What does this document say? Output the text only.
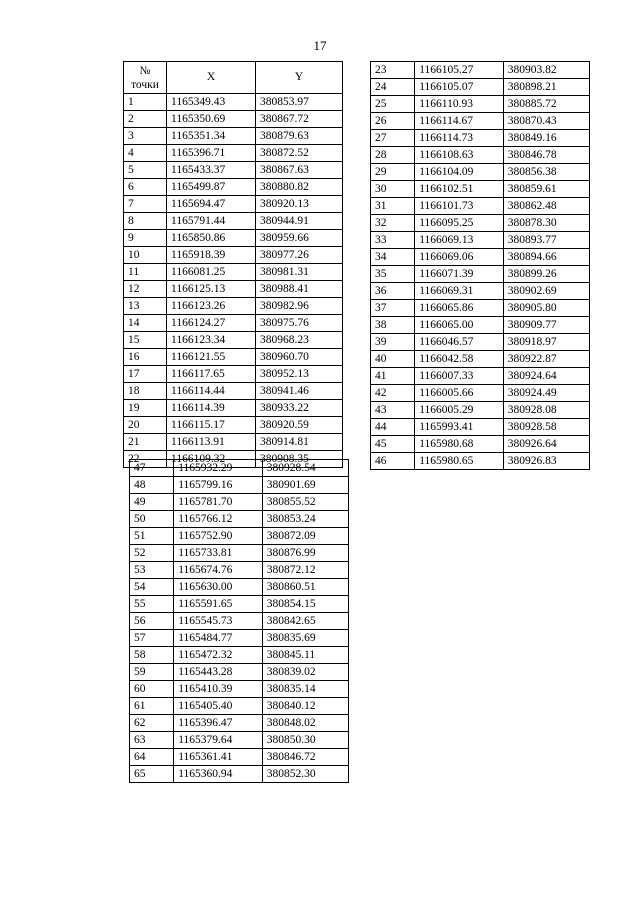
17
№
точки	X	Y
1	1165349.43	380853.97
2	1165350.69	380867.72
3	1165351.34	380879.63
4	1165396.71	380872.52
5	1165433.37	380867.63
6	1165499.87	380880.82
7	1165694.47	380920.13
8	1165791.44	380944.91
9	1165850.86	380959.66
10	1165918.39	380977.26
11	1166081.25	380981.31
12	1166125.13	380988.41
13	1166123.26	380982.96
14	1166124.27	380975.76
15	1166123.34	380968.23
16	1166121.55	380960.70
17	1166117.65	380952.13
18	1166114.44	380941.46
19	1166114.39	380933.22
20	1166115.17	380920.59
21	1166113.91	380914.81
22	1166109.32	380908.35
23	1166105.27	380903.82
24	1166105.07	380898.21
25	1166110.93	380885.72
26	1166114.67	380870.43
27	1166114.73	380849.16
28	1166108.63	380846.78
29	1166104.09	380856.38
30	1166102.51	380859.61
31	1166101.73	380862.48
32	1166095.25	380878.30
33	1166069.13	380893.77
34	1166069.06	380894.66
35	1166071.39	380899.26
36	1166069.31	380902.69
37	1166065.86	380905.80
38	1166065.00	380909.77
39	1166046.57	380918.97
40	1166042.58	380922.87
41	1166007.33	380924.64
42	1166005.66	380924.49
43	1166005.29	380928.08
44	1165993.41	380928.58
45	1165980.68	380926.64
46	1165980.65	380926.83
47	1165932.29	380928.54
48	1165799.16	380901.69
49	1165781.70	380855.52
50	1165766.12	380853.24
51	1165752.90	380872.09
52	1165733.81	380876.99
53	1165674.76	380872.12
54	1165630.00	380860.51
55	1165591.65	380854.15
56	1165545.73	380842.65
57	1165484.77	380835.69
58	1165472.32	380845.11
59	1165443.28	380839.02
60	1165410.39	380835.14
61	1165405.40	380840.12
62	1165396.47	380848.02
63	1165379.64	380850.30
64	1165361.41	380846.72
65	1165360.94	380852.30
